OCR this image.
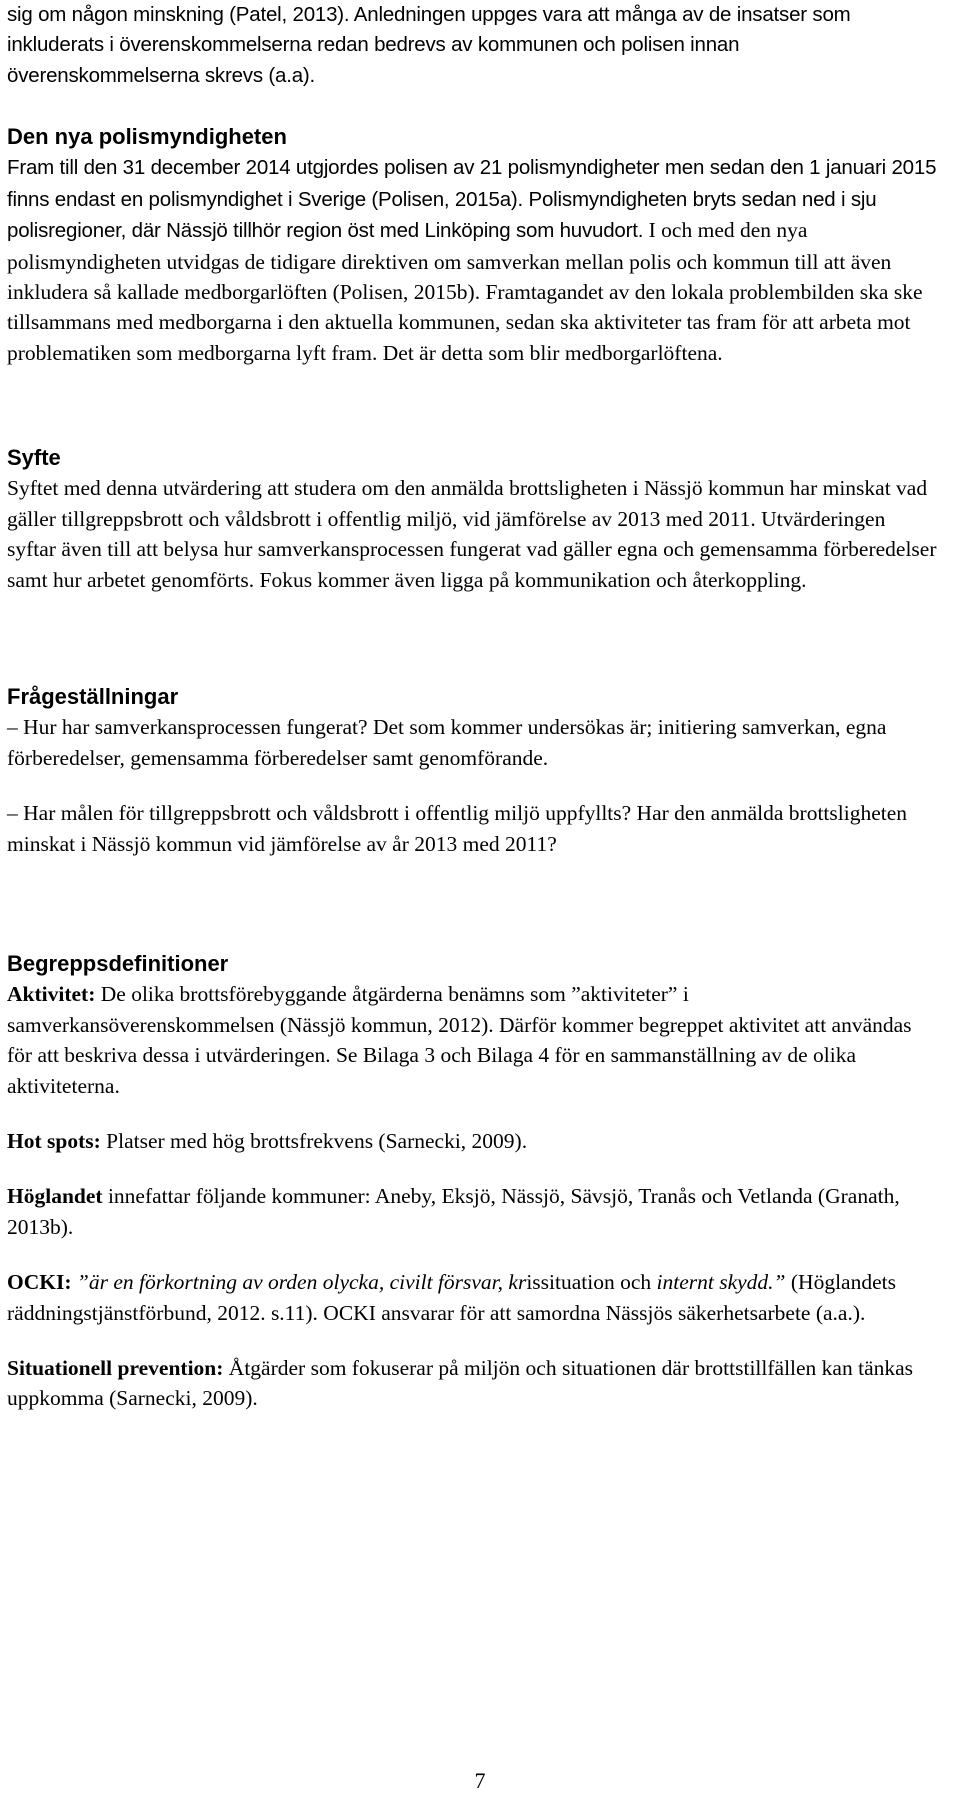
sig om någon minskning (Patel, 2013). Anledningen uppges vara att många av de insatser som inkluderats i överenskommelserna redan bedrevs av kommunen och polisen innan överenskommelserna skrevs (a.a).

Den nya polismyndigheten

Fram till den 31 december 2014 utgjordes polisen av 21 polismyndigheter men sedan den 1 januari 2015 finns endast en polismyndighet i Sverige (Polisen, 2015a). Polismyndigheten bryts sedan ned i sju polisregioner, där Nässjö tillhör region öst med Linköping som huvudort. I och med den nya polismyndigheten utvidgas de tidigare direktiven om samverkan mellan polis och kommun till att även inkludera så kallade medborgarlöften (Polisen, 2015b). Framtagandet av den lokala problembilden ska ske tillsammans med medborgarna i den aktuella kommunen, sedan ska aktiviteter tas fram för att arbeta mot problematiken som medborgarna lyft fram. Det är detta som blir medborgarlöftena.

Syfte

Syftet med denna utvärdering att studera om den anmälda brottsligheten i Nässjö kommun har minskat vad gäller tillgreppsbrott och våldsbrott i offentlig miljö, vid jämförelse av 2013 med 2011. Utvärderingen syftar även till att belysa hur samverkansprocessen fungerat vad gäller egna och gemensamma förberedelser samt hur arbetet genomförts. Fokus kommer även ligga på kommunikation och återkoppling.

Frågeställningar

– Hur har samverkansprocessen fungerat? Det som kommer undersökas är; initiering samverkan, egna förberedelser, gemensamma förberedelser samt genomförande.

– Har målen för tillgreppsbrott och våldsbrott i offentlig miljö uppfyllts? Har den anmälda brottsligheten minskat i Nässjö kommun vid jämförelse av år 2013 med 2011?

Begreppsdefinitioner

Aktivitet: De olika brottsförebyggande åtgärderna benämns som ”aktiviteter” i samverkansöverenskommelsen (Nässjö kommun, 2012). Därför kommer begreppet aktivitet att användas för att beskriva dessa i utvärderingen. Se Bilaga 3 och Bilaga 4 för en sammanställning av de olika aktiviteterna.

Hot spots: Platser med hög brottsfrekvens (Sarnecki, 2009).

Höglandet innefattar följande kommuner: Aneby, Eksjö, Nässjö, Sävsjö, Tranås och Vetlanda (Granath, 2013b).

OCKI: ”är en förkortning av orden olycka, civilt försvar, krissituation och internt skydd.” (Höglandets räddningstjänstförbund, 2012. s.11). OCKI ansvarar för att samordna Nässjös säkerhetsarbete (a.a.).

Situationell prevention: Åtgärder som fokuserar på miljön och situationen där brottstillfällen kan tänkas uppkomma (Sarnecki, 2009).

7
